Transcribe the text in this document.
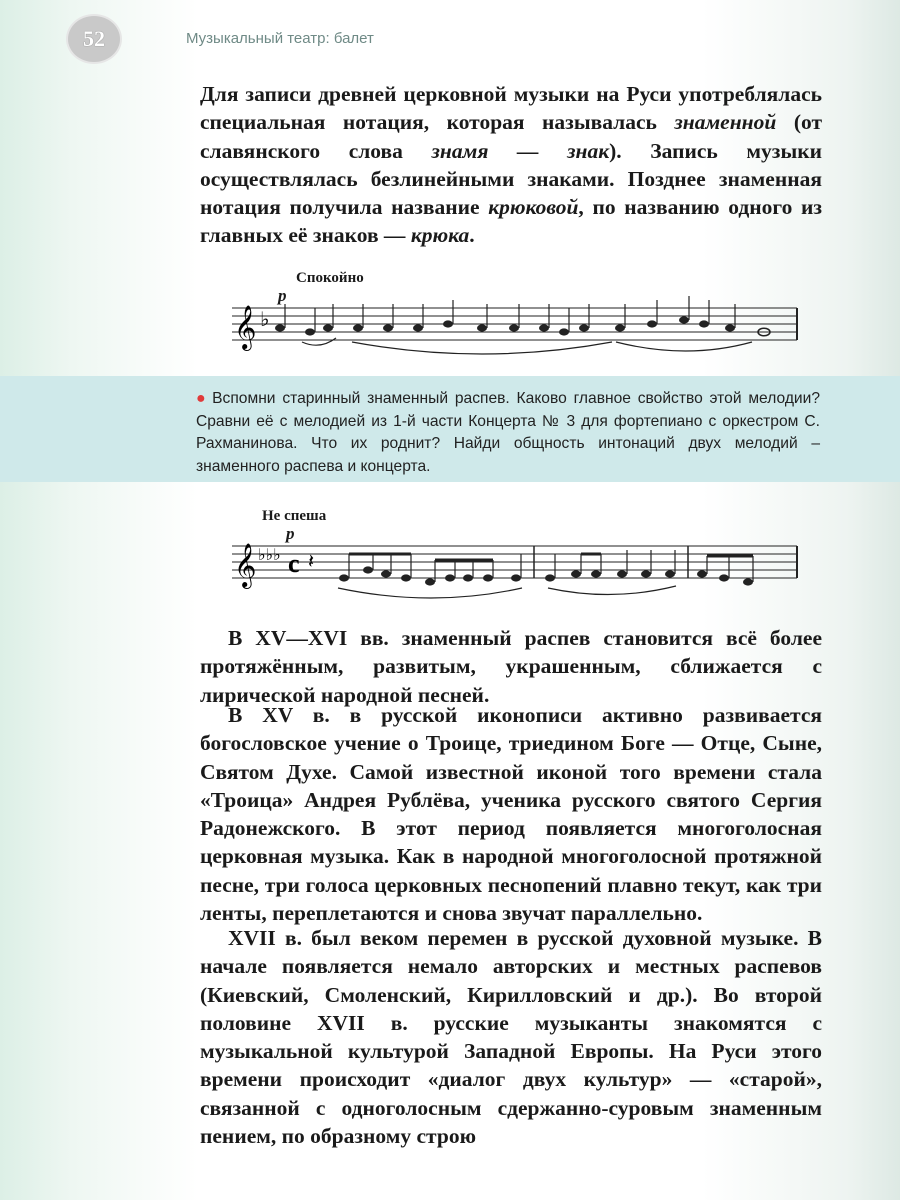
52	Музыкальный театр: балет

Для записи древней церковной музыки на Руси употреблялась специальная нотация, которая называлась знаменной (от славянского слова знамя — знак). Запись музыки осуществлялась безлинейными знаками. Позднее знаменная нотация получила название крюковой, по названию одного из главных её знаков — крюка.

Спокойно
p
𝄞 ♭

● Вспомни старинный знаменный распев. Каково главное свойство этой мелодии? Сравни её с мелодией из 1-й части Концерта № 3 для фортепиано с оркестром С. Рахманинова. Что их роднит? Найди общность интонаций двух мелодий – знаменного распева и концерта.

Не спеша
p
𝄞 ♭♭♭ c 𝄽

В XV—XVI вв. знаменный распев становится всё более протяжённым, развитым, украшенным, сближается с лирической народной песней.

В XV в. в русской иконописи активно развивается богословское учение о Троице, триедином Боге — Отце, Сыне, Святом Духе. Самой известной иконой того времени стала «Троица» Андрея Рублёва, ученика русского святого Сергия Радонежского. В этот период появляется многоголосная церковная музыка. Как в народной многоголосной протяжной песне, три голоса церковных песнопений плавно текут, как три ленты, переплетаются и снова звучат параллельно.

XVII в. был веком перемен в русской духовной музыке. В начале появляется немало авторских и местных распевов (Киевский, Смоленский, Кирилловский и др.). Во второй половине XVII в. русские музыканты знакомятся с музыкальной культурой Западной Европы. На Руси этого времени происходит «диалог двух культур» — «старой», связанной с одноголосным сдержанно-суровым знаменным пением, по образному строю
